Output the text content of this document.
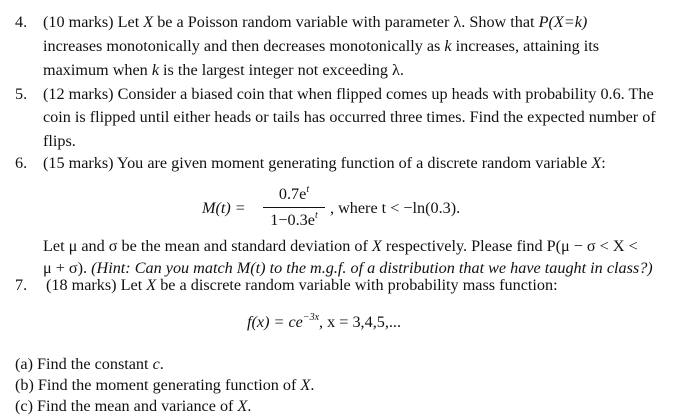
4. (10 marks) Let X be a Poisson random variable with parameter λ. Show that P(X=k)
increases monotonically and then decreases monotonically as k increases, attaining its
maximum when k is the largest integer not exceeding λ.
5. (12 marks) Consider a biased coin that when flipped comes up heads with probability 0.6. The
coin is flipped until either heads or tails has occurred three times. Find the expected number of
flips.
6. (15 marks) You are given moment generating function of a discrete random variable X:
M(t) =
$0.7e^t$
$1-0.3e^t$ , where t < −ln(0.3).
Let μ and σ be the mean and standard deviation of X respectively. Please find P(μ − σ < X <
μ + σ). (Hint: Can you match M(t) to the m.g.f. of a distribution that we have taught in class?)
7. (18 marks) Let X be a discrete random variable with probability mass function:
$f(x) = ce^{-3x}$, x = 3,4,5,...
(a) Find the constant c.
(b) Find the moment generating function of X.
(c) Find the mean and variance of X.
